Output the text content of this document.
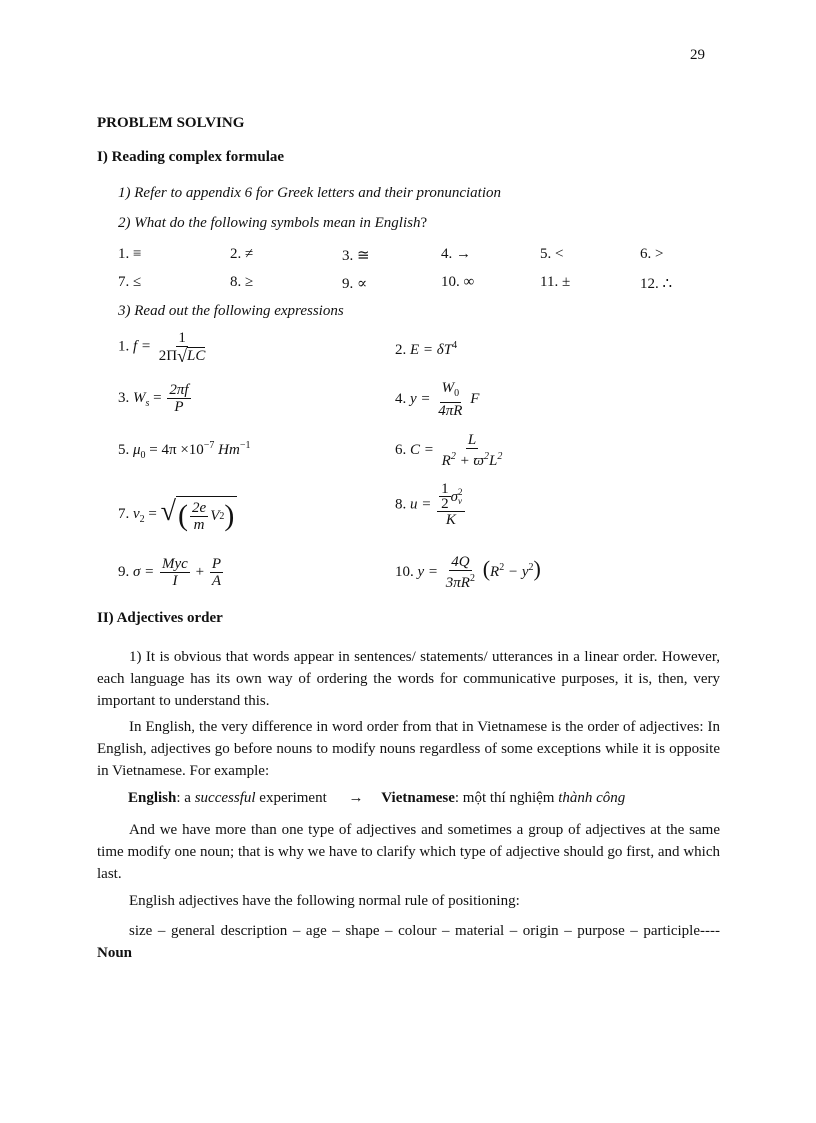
29
PROBLEM SOLVING
I) Reading complex formulae
1) Refer to appendix 6 for Greek letters and their pronunciation
2) What do the following symbols mean in English?
1. ≡	2. ≠	3. ≅	4. →	5. <	6. >
7. ≤	8. ≥	9. ∝	10. ∞	11. ±	12. ∴
3) Read out the following expressions
1. $f = \frac{1}{2\Pi √ LC}$	2. $E = \delta T^4$
3. $W_s = \frac{2\pi f}{P}$	4. $y = \frac{W_0}{4\pi R}$ F
5. $\mu_0 = 4\pi \times 10^{-7}$ $Hm^{-1}$	6. $C = \frac{L}{R^2 + ϖ^2L^2}$
7. $v_2$ = √ ( $\frac{2e}{m}$ V 2 )	8. $u = \frac{1}{2}$ σ 2
v
K
9. $\sigma = \frac{\text{Myc}}{I} + \frac{P}{A}$	10. $y = \frac{4Q}{3\pi R^2} (R^2 - y^2)$
II) Adjectives order
1) It is obvious that words appear in sentences/ statements/ utterances in a linear order. However, each language has its own way of ordering the words for communicative purposes, it is, then, very important to understand this.
In English, the very difference in word order from that in Vietnamese is the order of adjectives: In English, adjectives go before nouns to modify nouns regardless of some exceptions while it is opposite in Vietnamese. For example:
English: a successful experiment → Vietnamese: một thí nghiệm thành công
And we have more than one type of adjectives and sometimes a group of adjectives at the same time modify one noun; that is why we have to clarify which type of adjective should go first, and which last.
English adjectives have the following normal rule of positioning:
size – general description – age – shape – colour – material – origin – purpose – participle----Noun
